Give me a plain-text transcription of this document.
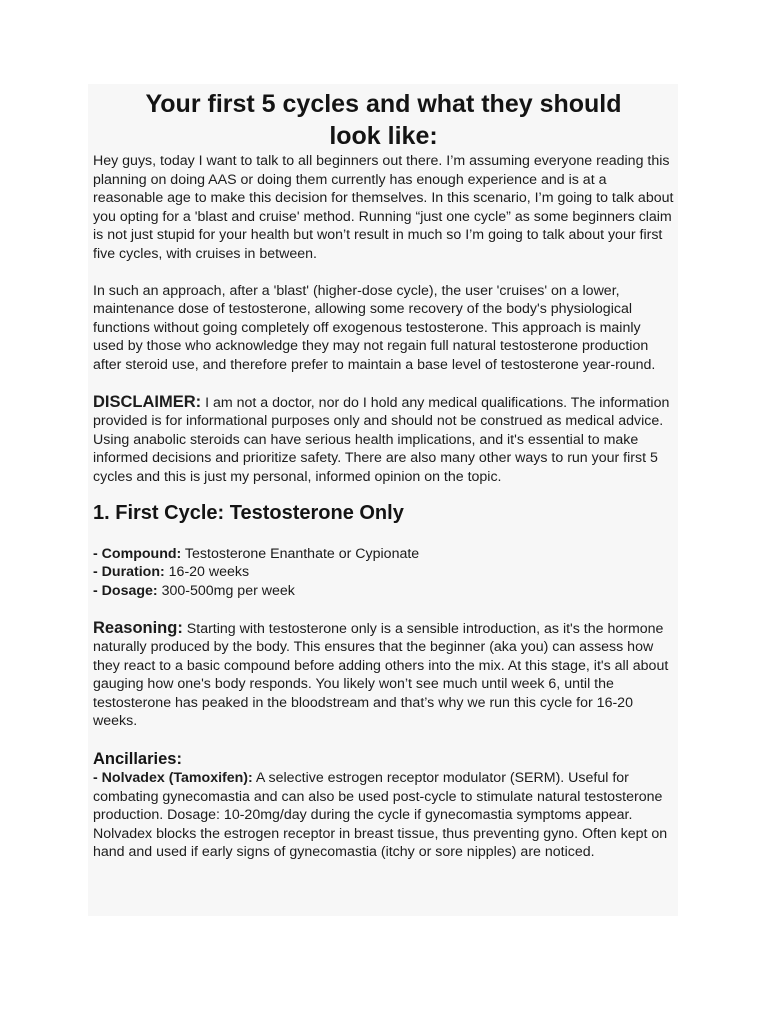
Your first 5 cycles and what they should look like:

Hey guys, today I want to talk to all beginners out there. I’m assuming everyone reading this planning on doing AAS or doing them currently has enough experience and is at a reasonable age to make this decision for themselves. In this scenario, I’m going to talk about you opting for a 'blast and cruise' method. Running “just one cycle” as some beginners claim is not just stupid for your health but won’t result in much so I’m going to talk about your first five cycles, with cruises in between.

In such an approach, after a 'blast' (higher-dose cycle), the user 'cruises' on a lower, maintenance dose of testosterone, allowing some recovery of the body's physiological functions without going completely off exogenous testosterone. This approach is mainly used by those who acknowledge they may not regain full natural testosterone production after steroid use, and therefore prefer to maintain a base level of testosterone year-round.

DISCLAIMER: I am not a doctor, nor do I hold any medical qualifications. The information provided is for informational purposes only and should not be construed as medical advice. Using anabolic steroids can have serious health implications, and it's essential to make informed decisions and prioritize safety. There are also many other ways to run your first 5 cycles and this is just my personal, informed opinion on the topic.

1. First Cycle: Testosterone Only
- Compound: Testosterone Enanthate or Cypionate
- Duration: 16-20 weeks
- Dosage: 300-500mg per week

Reasoning: Starting with testosterone only is a sensible introduction, as it's the hormone naturally produced by the body. This ensures that the beginner (aka you) can assess how they react to a basic compound before adding others into the mix. At this stage, it's all about gauging how one's body responds. You likely won’t see much until week 6, until the testosterone has peaked in the bloodstream and that’s why we run this cycle for 16-20 weeks.

Ancillaries:

- Nolvadex (Tamoxifen): A selective estrogen receptor modulator (SERM). Useful for combating gynecomastia and can also be used post-cycle to stimulate natural testosterone production. Dosage: 10-20mg/day during the cycle if gynecomastia symptoms appear. Nolvadex blocks the estrogen receptor in breast tissue, thus preventing gyno. Often kept on hand and used if early signs of gynecomastia (itchy or sore nipples) are noticed.
